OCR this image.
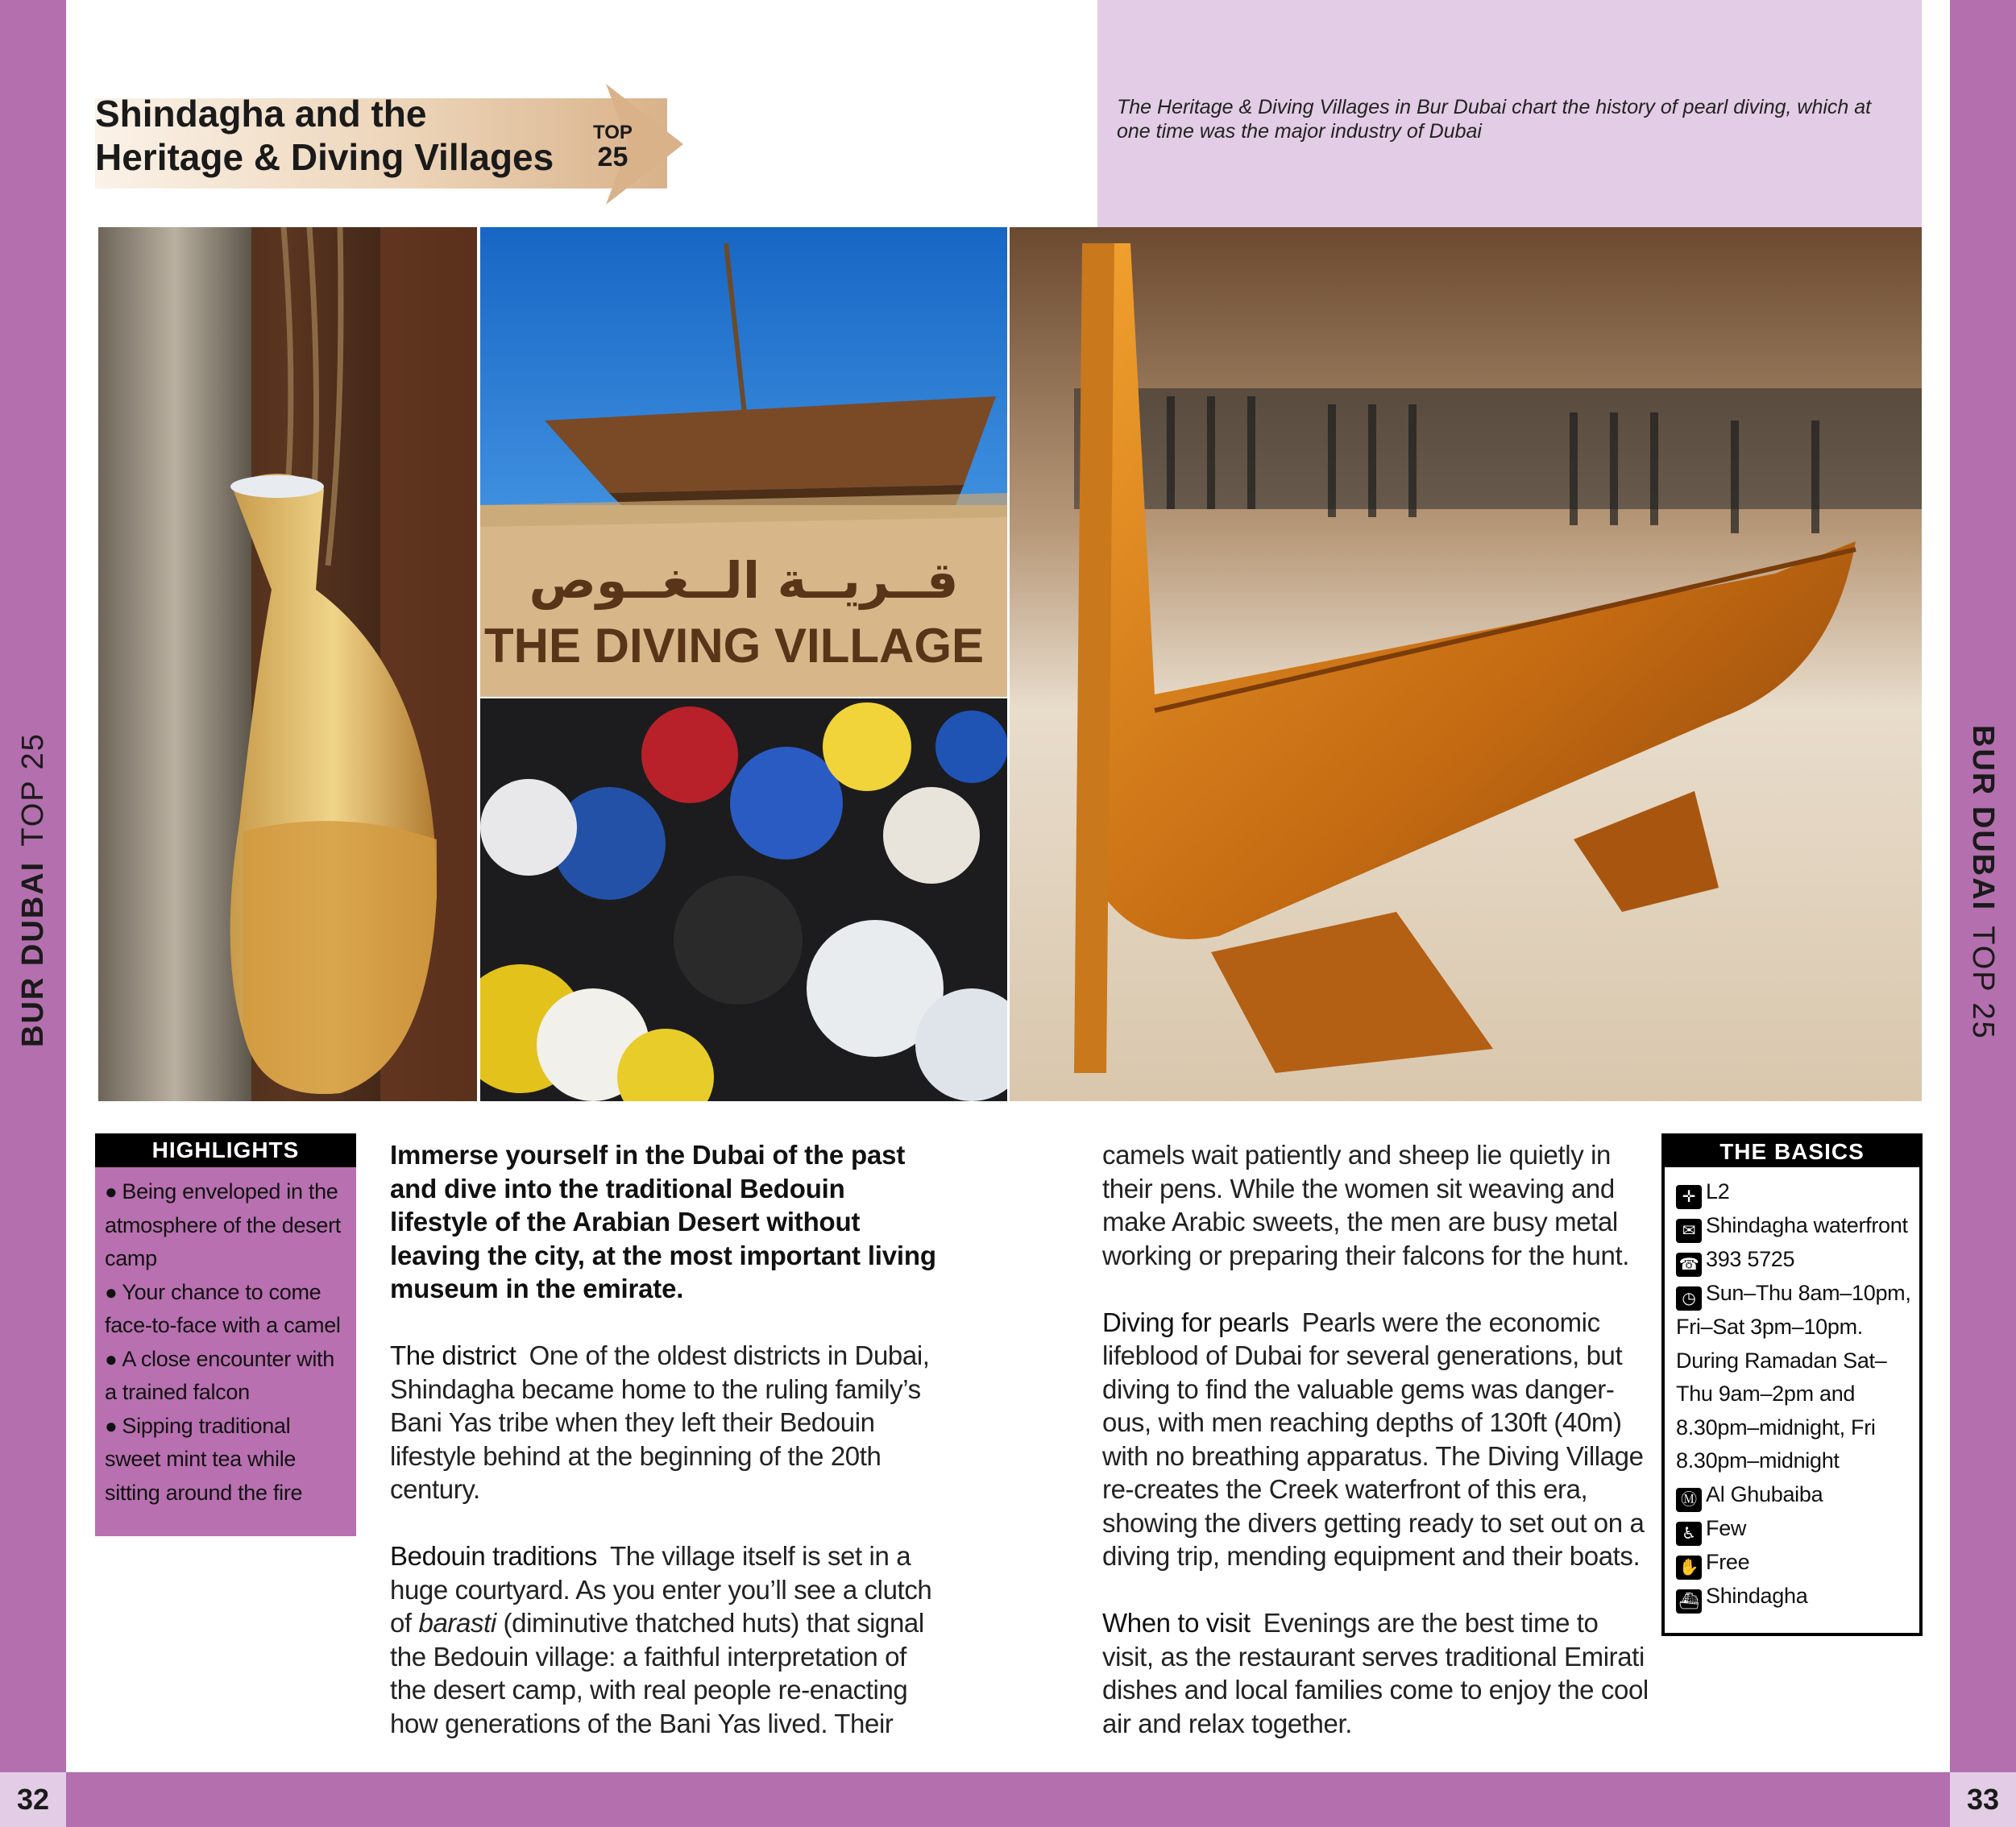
32	33
BUR DUBAITOP 25	BUR DUBAITOP 25
Shindagha and the
Heritage & Diving Villages
TOP
25
The Heritage & Diving Villages in Bur Dubai chart the history of pearl diving, which at one time was the major industry of Dubai
قــريــة الــغــوص
THE DIVING VILLAGE
HIGHLIGHTS
● Being enveloped in the atmosphere of the desert camp
● Your chance to come face-to-face with a camel
● A close encounter with a trained falcon
● Sipping traditional sweet mint tea while sitting around the fire

Immerse yourself in the Dubai of the past and dive into the traditional Bedouin lifestyle of the Arabian Desert without leaving the city, at the most important living museum in the emirate.

The district One of the oldest districts in Dubai, Shindagha became home to the ruling family’s Bani Yas tribe when they left their Bedouin lifestyle behind at the beginning of the 20th century.

Bedouin traditions The village itself is set in a huge courtyard. As you enter you’ll see a clutch of barasti (diminutive thatched huts) that signal the Bedouin village: a faithful interpretation of the desert camp, with real people re-enacting how generations of the Bani Yas lived. Their

camels wait patiently and sheep lie quietly in their pens. While the women sit weaving and make Arabic sweets, the men are busy metal working or preparing their falcons for the hunt.

Diving for pearls Pearls were the economic lifeblood of Dubai for several generations, but diving to find the valuable gems was danger-ous, with men reaching depths of 130ft (40m) with no breathing apparatus. The Diving Village re-creates the Creek waterfront of this era, showing the divers getting ready to set out on a diving trip, mending equipment and their boats.

When to visit Evenings are the best time to visit, as the restaurant serves traditional Emirati dishes and local families come to enjoy the cool air and relax together.

THE BASICS
✛ L2
✉ Shindagha waterfront
☎ 393 5725
◷ Sun–Thu 8am–10pm, Fri–Sat 3pm–10pm. During Ramadan Sat–Thu 9am–2pm and 8.30pm–midnight, Fri 8.30pm–midnight
Ⓜ Al Ghubaiba
♿ Few
✋ Free
⛴ Shindagha
